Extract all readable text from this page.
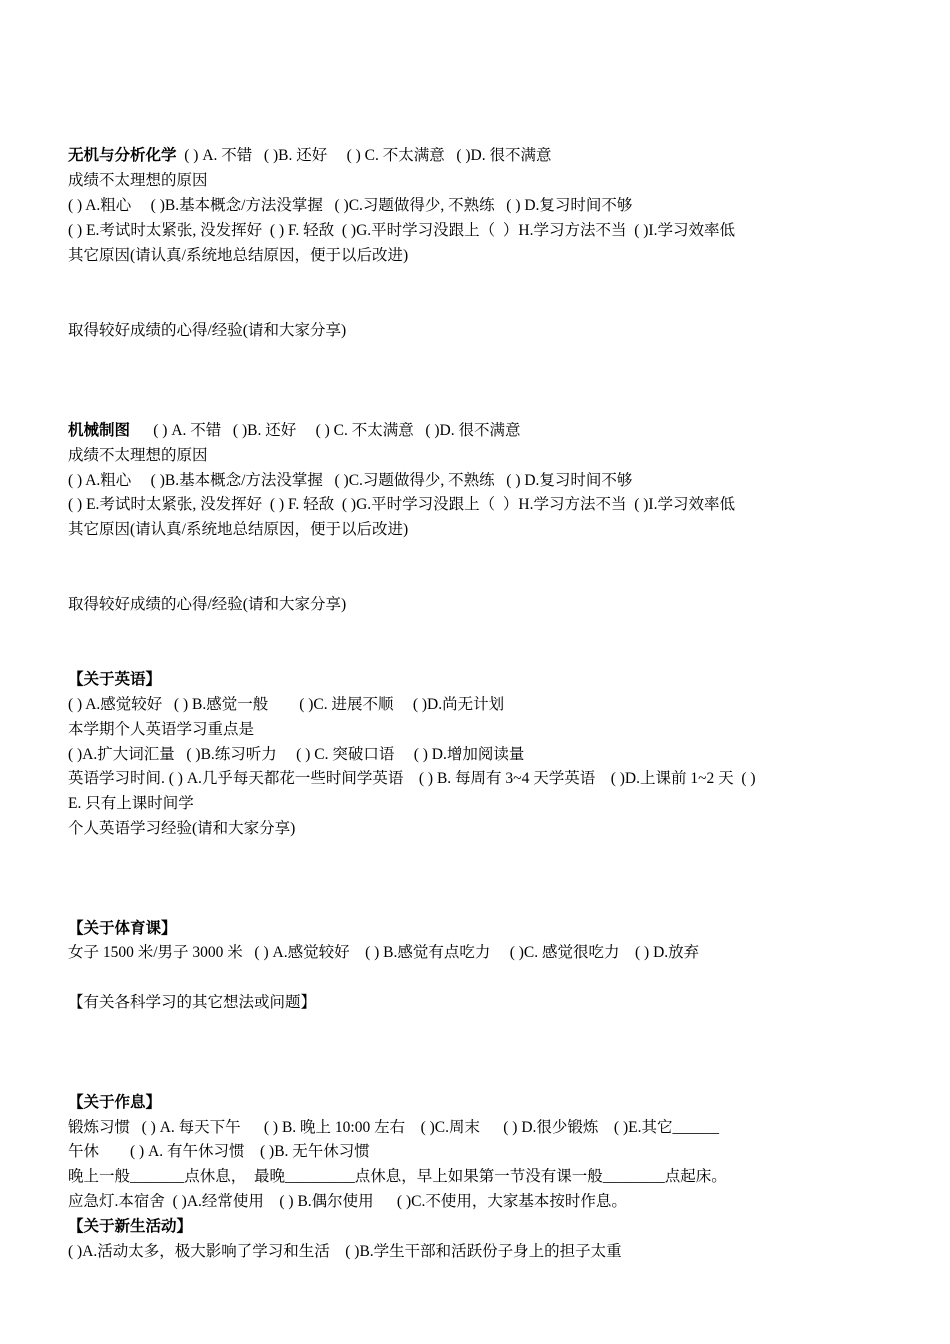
无机与分析化学  ( ) A. 不错   ( )B. 还好     ( ) C. 不太满意   ( )D. 很不满意
成绩不太理想的原因
( ) A.粗心     ( )B.基本概念/方法没掌握   ( )C.习题做得少, 不熟练   ( ) D.复习时间不够
( ) E.考试时太紧张, 没发挥好  ( ) F. 轻敌  ( )G.平时学习没跟上（  ）H.学习方法不当  ( )I.学习效率低
其它原因(请认真/系统地总结原因，便于以后改进)
取得较好成绩的心得/经验(请和大家分享)
机械制图      ( ) A. 不错   ( )B. 还好     ( ) C. 不太满意   ( )D. 很不满意
成绩不太理想的原因
( ) A.粗心     ( )B.基本概念/方法没掌握   ( )C.习题做得少, 不熟练   ( ) D.复习时间不够
( ) E.考试时太紧张, 没发挥好  ( ) F. 轻敌  ( )G.平时学习没跟上（  ）H.学习方法不当  ( )I.学习效率低
其它原因(请认真/系统地总结原因，便于以后改进)
取得较好成绩的心得/经验(请和大家分享)
【关于英语】
( ) A.感觉较好   ( ) B.感觉一般        ( )C. 进展不顺     ( )D.尚无计划
本学期个人英语学习重点是
( )A.扩大词汇量   ( )B.练习听力     ( ) C. 突破口语     ( ) D.增加阅读量
英语学习时间. ( ) A.几乎每天都花一些时间学英语    ( ) B. 每周有 3~4 天学英语    ( )D.上课前 1~2 天  ( )
E. 只有上课时间学
个人英语学习经验(请和大家分享)
【关于体育课】
女子 1500 米/男子 3000 米   ( ) A.感觉较好    ( ) B.感觉有点吃力     ( )C. 感觉很吃力    ( ) D.放弃
【有关各科学习的其它想法或问题】
【关于作息】
锻炼习惯   ( ) A. 每天下午      ( ) B. 晚上 10:00 左右    ( )C.周末      ( ) D.很少锻炼    ( )E.其它______
午休        ( ) A. 有午休习惯    ( )B. 无午休习惯
晚上一般_______点休息，  最晚_________点休息，早上如果第一节没有课一般________点起床。
应急灯.本宿舍  ( )A.经常使用    ( ) B.偶尔使用      ( )C.不使用，大家基本按时作息。
【关于新生活动】
( )A.活动太多，极大影响了学习和生活    ( )B.学生干部和活跃份子身上的担子太重
